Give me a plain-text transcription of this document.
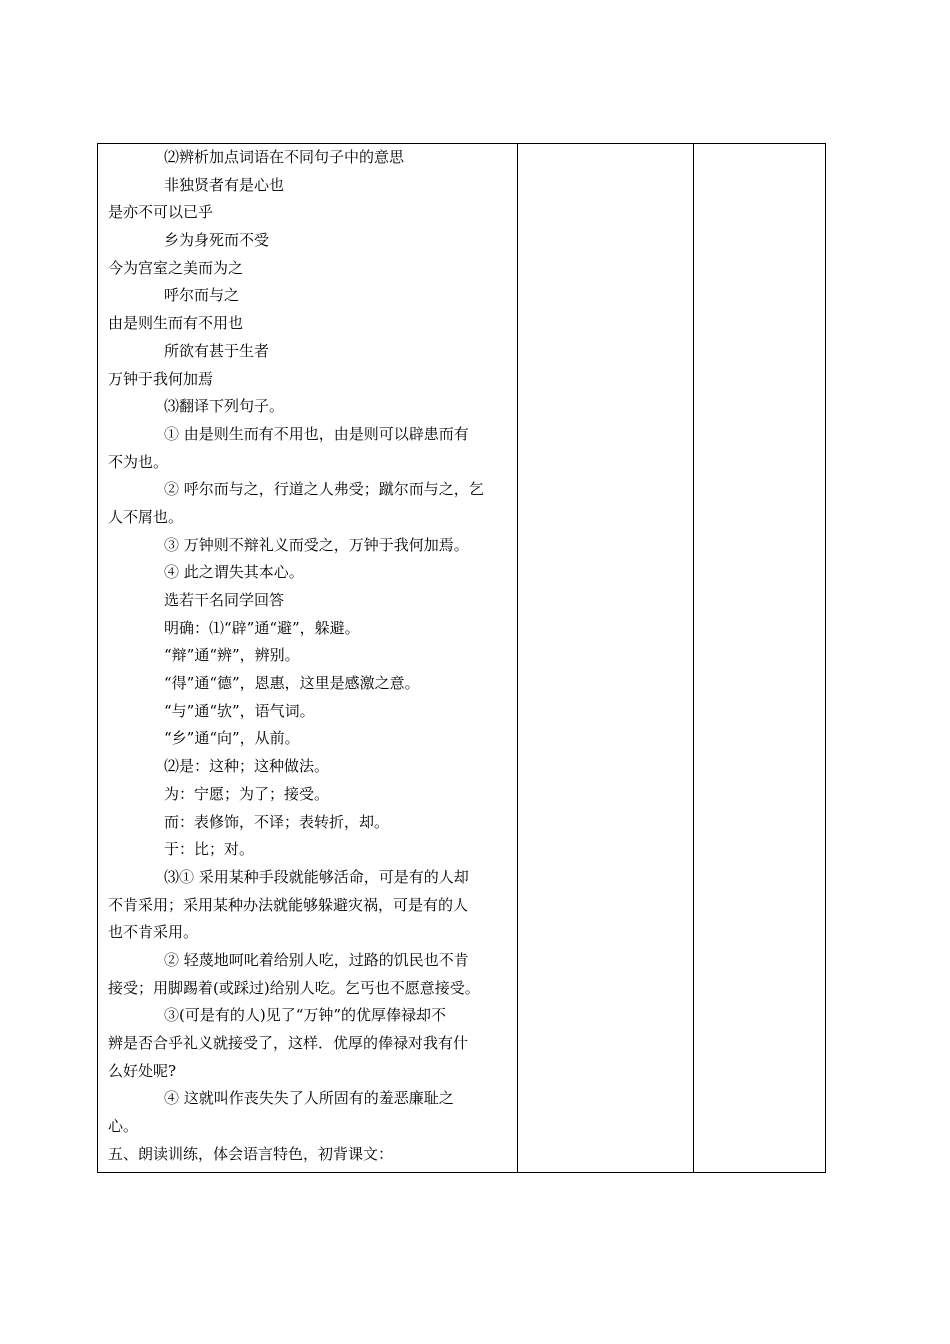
⑵辨析加点词语在不同句子中的意思
非独贤者有是心也
是亦不可以已乎
乡为身死而不受
今为宫室之美而为之
呼尔而与之
由是则生而有不用也
所欲有甚于生者
万钟于我何加焉
⑶翻译下列句子。
① 由是则生而有不用也，由是则可以辟患而有
不为也。
② 呼尔而与之，行道之人弗受；蹴尔而与之，乞
人不屑也。
③ 万钟则不辩礼义而受之，万钟于我何加焉。
④ 此之谓失其本心。
选若干名同学回答
明确：⑴“辟”通“避”，躲避。
“辩”通“辨”，辨别。
“得”通“德”，恩惠，这里是感激之意。
“与”通“欤”，语气词。
“乡”通“向”，从前。
⑵是：这种；这种做法。
为：宁愿；为了；接受。
而：表修饰，不译；表转折，却。
于：比；对。
⑶① 采用某种手段就能够活命，可是有的人却
不肯采用；采用某种办法就能够躲避灾祸，可是有的人
也不肯采用。
② 轻蔑地呵叱着给别人吃，过路的饥民也不肯
接受；用脚踢着(或踩过)给别人吃。乞丐也不愿意接受。
③(可是有的人)见了“万钟”的优厚俸禄却不
辨是否合乎礼义就接受了，这样．优厚的俸禄对我有什
么好处呢?
④ 这就叫作丧失失了人所固有的羞恶廉耻之
心。
五、朗读训练，体会语言特色，初背课文：
